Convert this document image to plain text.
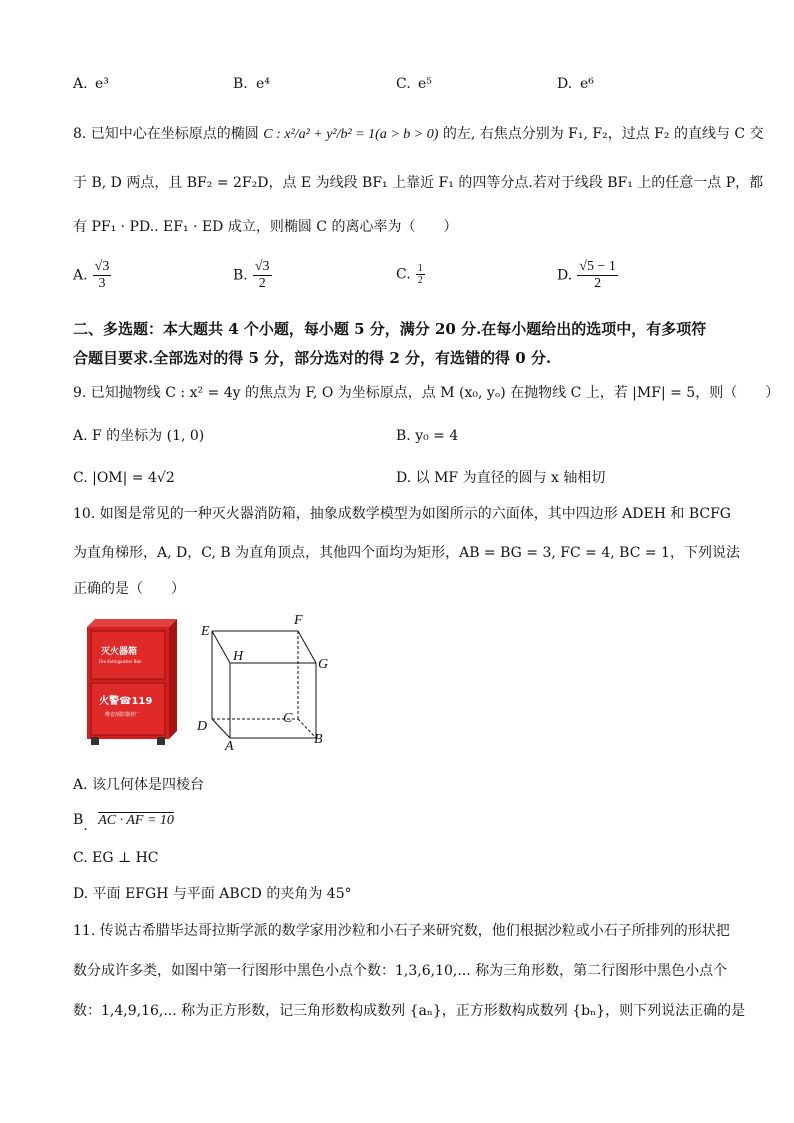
A. e³	B. e⁴	C. e⁵	D. e⁶
8. 已知中心在坐标原点的椭圆 C : x²/a² + y²/b² = 1(a > b > 0) 的左, 右焦点分别为 F₁, F₂，过点 F₂ 的直线与 C 交
于 B, D 两点，且 BF₂ = 2F₂D，点 E 为线段 BF₁ 上靠近 F₁ 的四等分点.若对于线段 BF₁ 上的任意一点 P，都
有 PF₁ · PD.. EF₁ · ED 成立，则椭圆 C 的离心率为（　　）
A. $\frac{√3}{3}$	B. $\frac{√3}{2}$	C. $\frac{1}{2}$	D. $\frac{√5 - 1}{2}$
二、多选题：本大题共 4 个小题，每小题 5 分，满分 20 分.在每小题给出的选项中，有多项符
合题目要求.全部选对的得 5 分，部分选对的得 2 分，有选错的得 0 分.
9. 已知抛物线 C : x² = 4y 的焦点为 F, O 为坐标原点，点 M (x₀, yₒ) 在抛物线 C 上，若 |MF| = 5，则（　　）
A. F 的坐标为 (1, 0)	B. y₀ = 4
C. |OM| = 4√2	D. 以 MF 为直径的圆与 x 轴相切
10. 如图是常见的一种灭火器消防箱，抽象成数学模型为如图所示的六面体，其中四边形 ADEH 和 BCFG
为直角梯形，A, D，C, B 为直角顶点，其他四个面均为矩形，AB = BG = 3, FC = 4, BC = 1，下列说法
正确的是（　　）
灭火器箱
Fire Extinguisher Box
火警☎119
维安消防器材厂
E
F
H
G
C
D
A	B
A. 该几何体是四棱台
B. AC · AF = 10
C. EG ⊥ HC
D. 平面 EFGH 与平面 ABCD 的夹角为 45°
11. 传说古希腊毕达哥拉斯学派的数学家用沙粒和小石子来研究数，他们根据沙粒或小石子所排列的形状把
数分成许多类，如图中第一行图形中黑色小点个数：1,3,6,10,... 称为三角形数，第二行图形中黑色小点个
数：1,4,9,16,... 称为正方形数，记三角形数构成数列 {aₙ}，正方形数构成数列 {bₙ}，则下列说法正确的是
